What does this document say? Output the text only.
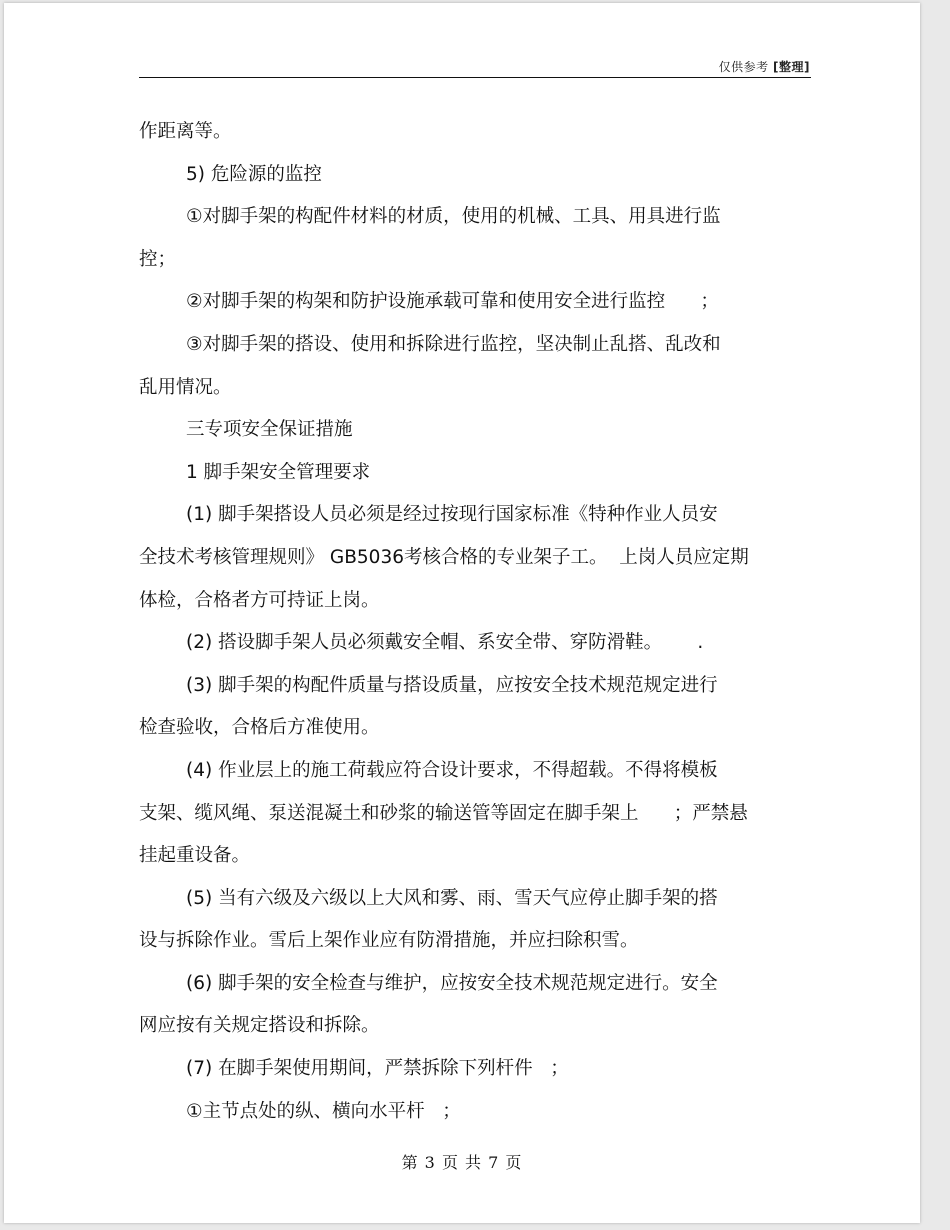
仅供参考 [整理]
作距离等。
5) 危险源的监控
①对脚手架的构配件材料的材质，使用的机械、工具、用具进行监
控；
②对脚手架的构架和防护设施承载可靠和使用安全进行监控      ；
③对脚手架的搭设、使用和拆除进行监控，坚决制止乱搭、乱改和
乱用情况。
三专项安全保证措施
1 脚手架安全管理要求
(1) 脚手架搭设人员必须是经过按现行国家标准《特种作业人员安
全技术考核管理规则》 GB5036考核合格的专业架子工。  上岗人员应定期
体检，合格者方可持证上岗。
(2) 搭设脚手架人员必须戴安全帽、系安全带、穿防滑鞋。      .
(3) 脚手架的构配件质量与搭设质量，应按安全技术规范规定进行
检查验收，合格后方准使用。
(4) 作业层上的施工荷载应符合设计要求，不得超载。不得将模板
支架、缆风绳、泵送混凝土和砂浆的输送管等固定在脚手架上      ；严禁悬
挂起重设备。
(5) 当有六级及六级以上大风和雾、雨、雪天气应停止脚手架的搭
设与拆除作业。雪后上架作业应有防滑措施，并应扫除积雪。
(6) 脚手架的安全检查与维护，应按安全技术规范规定进行。安全
网应按有关规定搭设和拆除。
(7) 在脚手架使用期间，严禁拆除下列杆件   ；
①主节点处的纵、横向水平杆   ；
第 3 页 共 7 页
